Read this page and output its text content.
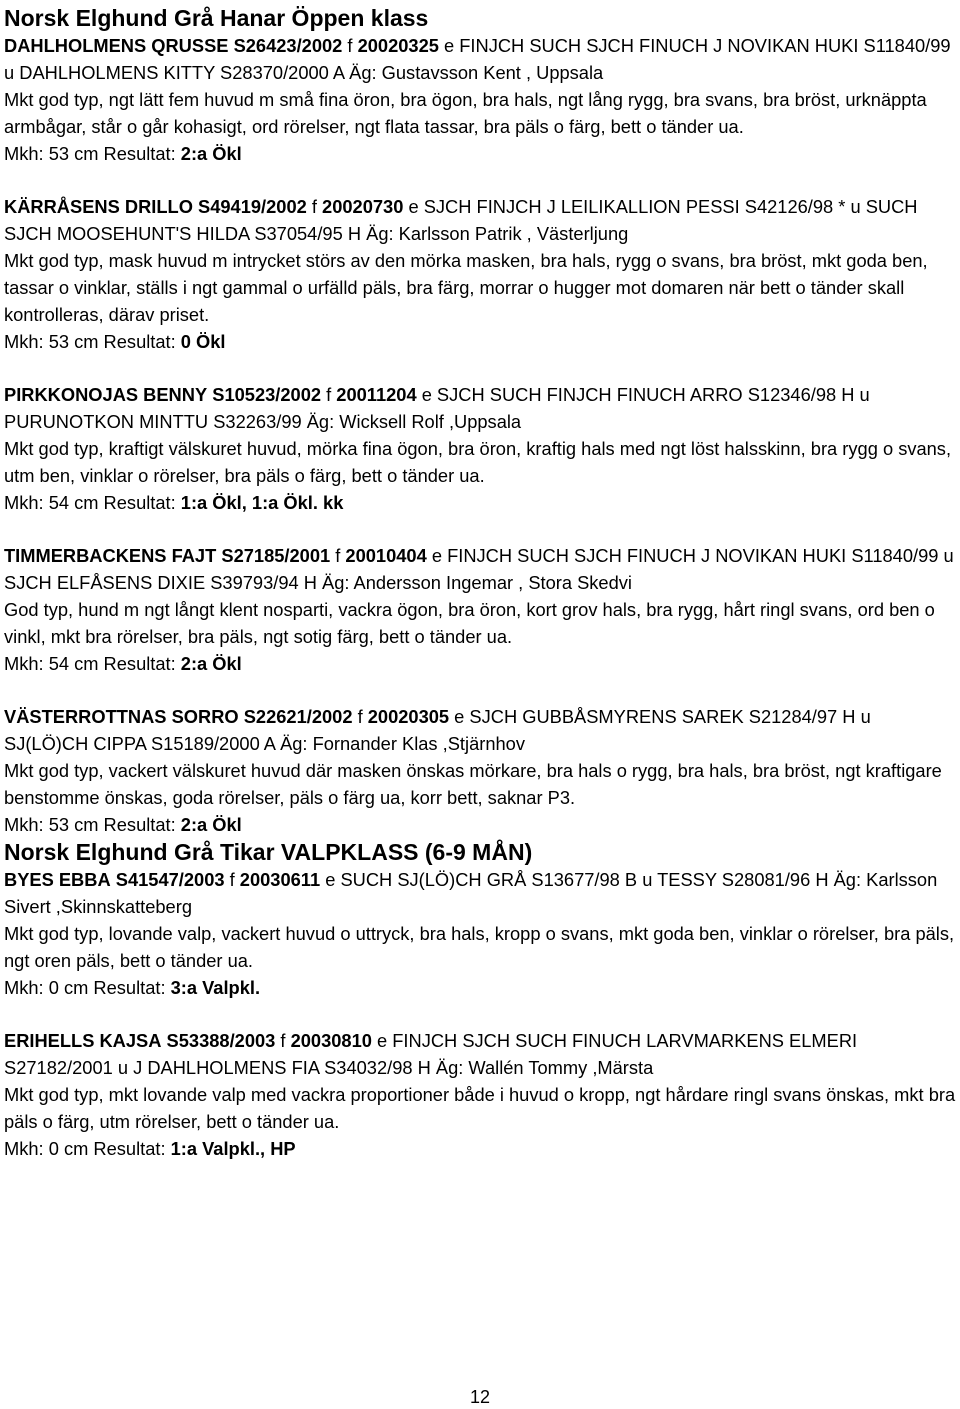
Norsk Elghund Grå Hanar Öppen klass

DAHLHOLMENS QRUSSE S26423/2002 f 20020325 e FINJCH SUCH SJCH FINUCH J NOVIKAN HUKI S11840/99 u DAHLHOLMENS KITTY S28370/2000 A Äg: Gustavsson Kent , Uppsala

Mkt god typ, ngt lätt fem huvud m små fina öron, bra ögon, bra hals, ngt lång rygg, bra svans, bra bröst, urknäppta armbågar, står o går kohasigt, ord rörelser, ngt flata tassar, bra päls o färg, bett o tänder ua.

Mkh: 53 cm Resultat: 2:a Ökl

KÄRRÅSENS DRILLO S49419/2002 f 20020730 e SJCH FINJCH J LEILIKALLION PESSI S42126/98 * u SUCH SJCH MOOSEHUNT'S HILDA S37054/95 H Äg: Karlsson Patrik , Västerljung

Mkt god typ, mask huvud m intrycket störs av den mörka masken, bra hals, rygg o svans, bra bröst, mkt goda ben, tassar o vinklar, ställs i ngt gammal o urfälld päls, bra färg, morrar o hugger mot domaren när bett o tänder skall kontrolleras, därav priset.

Mkh: 53 cm Resultat: 0 Ökl

PIRKKONOJAS BENNY S10523/2002 f 20011204 e SJCH SUCH FINJCH FINUCH ARRO S12346/98 H u PURUNOTKON MINTTU S32263/99 Äg: Wicksell Rolf ,Uppsala

Mkt god typ, kraftigt välskuret huvud, mörka fina ögon, bra öron, kraftig hals med ngt löst halsskinn, bra rygg o svans, utm ben, vinklar o rörelser, bra päls o färg, bett o tänder ua.

Mkh: 54 cm Resultat: 1:a Ökl, 1:a Ökl. kk

TIMMERBACKENS FAJT S27185/2001 f 20010404 e FINJCH SUCH SJCH FINUCH J NOVIKAN HUKI S11840/99 u SJCH ELFÅSENS DIXIE S39793/94 H Äg: Andersson Ingemar , Stora Skedvi

God typ, hund m ngt långt klent nosparti, vackra ögon, bra öron, kort grov hals, bra rygg, hårt ringl svans, ord ben o vinkl, mkt bra rörelser, bra päls, ngt sotig färg, bett o tänder ua.

Mkh: 54 cm Resultat: 2:a Ökl

VÄSTERROTTNAS SORRO S22621/2002 f 20020305 e SJCH GUBBÅSMYRENS SAREK S21284/97 H u SJ(LÖ)CH CIPPA S15189/2000 A Äg: Fornander Klas ,Stjärnhov

Mkt god typ, vackert välskuret huvud där masken önskas mörkare, bra hals o rygg, bra hals, bra bröst, ngt kraftigare benstomme önskas, goda rörelser, päls o färg ua, korr bett, saknar P3.

Mkh: 53 cm Resultat: 2:a Ökl

Norsk Elghund Grå Tikar VALPKLASS (6-9 MÅN)

BYES EBBA S41547/2003 f 20030611 e SUCH SJ(LÖ)CH GRÅ S13677/98 B u TESSY S28081/96 H Äg: Karlsson Sivert ,Skinnskatteberg

Mkt god typ, lovande valp, vackert huvud o uttryck, bra hals, kropp o svans, mkt goda ben, vinklar o rörelser, bra päls, ngt oren päls, bett o tänder ua.

Mkh: 0 cm Resultat: 3:a Valpkl.

ERIHELLS KAJSA S53388/2003 f 20030810 e FINJCH SJCH SUCH FINUCH LARVMARKENS ELMERI S27182/2001 u J DAHLHOLMENS FIA S34032/98 H Äg: Wallén Tommy ,Märsta

Mkt god typ, mkt lovande valp med vackra proportioner både i huvud o kropp, ngt hårdare ringl svans önskas, mkt bra päls o färg, utm rörelser, bett o tänder ua.

Mkh: 0 cm Resultat: 1:a Valpkl., HP

12
